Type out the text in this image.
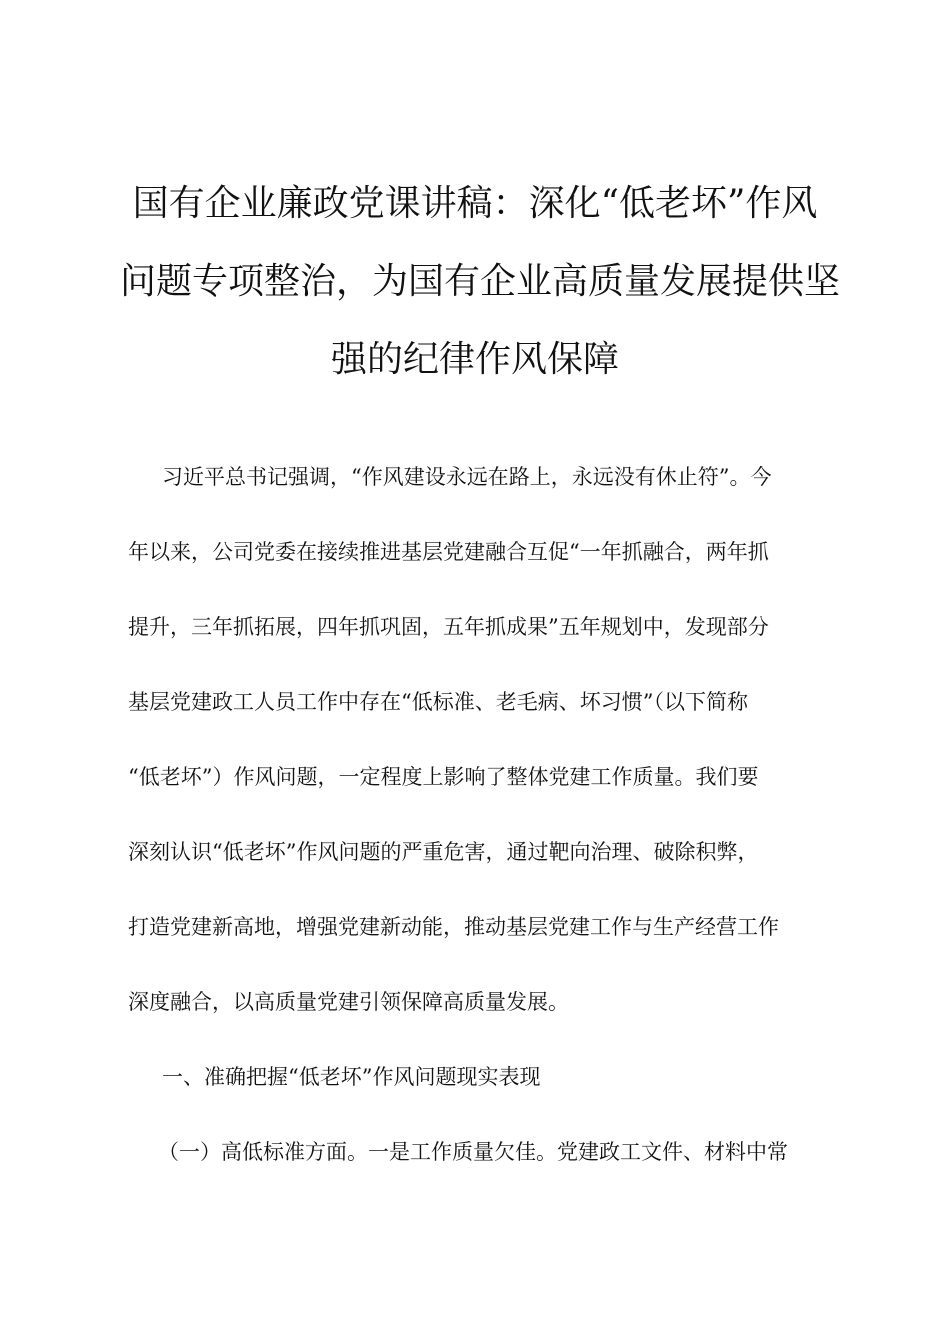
国有企业廉政党课讲稿：深化“低老坏”作风
问题专项整治，为国有企业高质量发展提供坚
强的纪律作风保障
习近平总书记强调，“作风建设永远在路上，永远没有休止符”。今
年以来，公司党委在接续推进基层党建融合互促“一年抓融合，两年抓
提升，三年抓拓展，四年抓巩固，五年抓成果”五年规划中，发现部分
基层党建政工人员工作中存在“低标准、老毛病、坏习惯”（以下简称
“低老坏”）作风问题，一定程度上影响了整体党建工作质量。我们要
深刻认识“低老坏”作风问题的严重危害，通过靶向治理、破除积弊，
打造党建新高地，增强党建新动能，推动基层党建工作与生产经营工作
深度融合，以高质量党建引领保障高质量发展。
一、准确把握“低老坏”作风问题现实表现
（一）高低标准方面。一是工作质量欠佳。党建政工文件、材料中常
